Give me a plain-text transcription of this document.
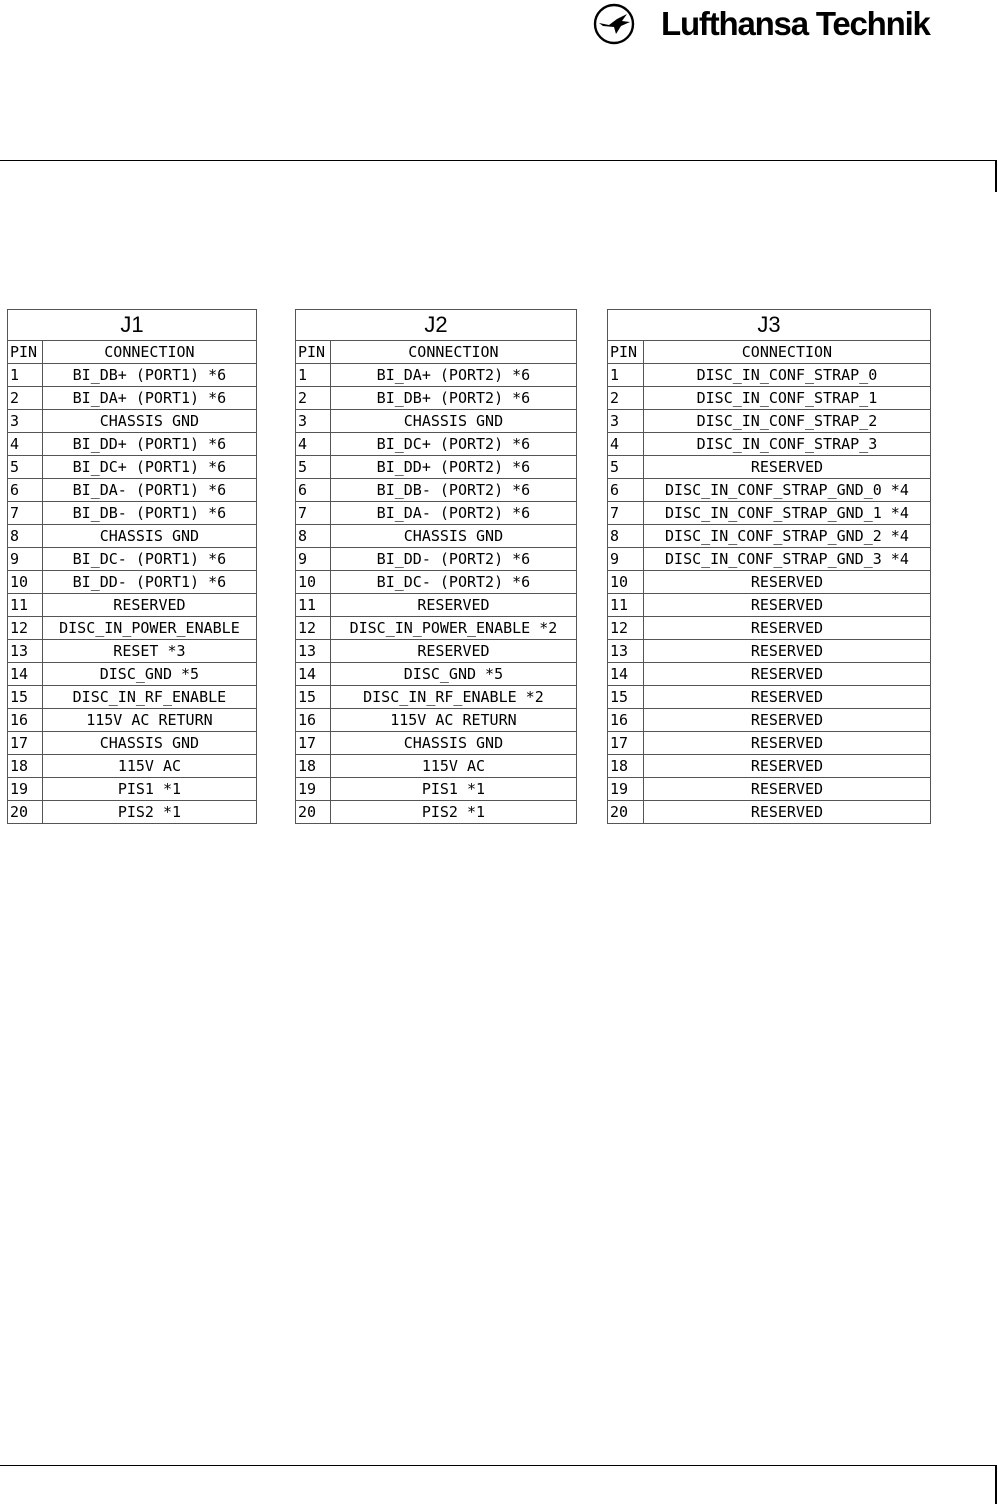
Lufthansa Technik
J1	
PIN	CONNECTION
1	BI_DB+ (PORT1) *6
2	BI_DA+ (PORT1) *6
3	CHASSIS GND
4	BI_DD+ (PORT1) *6
5	BI_DC+ (PORT1) *6
6	BI_DA- (PORT1) *6
7	BI_DB- (PORT1) *6
8	CHASSIS GND
9	BI_DC- (PORT1) *6
10	BI_DD- (PORT1) *6
11	RESERVED
12	DISC_IN_POWER_ENABLE
13	RESET *3
14	DISC_GND *5
15	DISC_IN_RF_ENABLE
16	115V AC RETURN
17	CHASSIS GND
18	115V AC
19	PIS1 *1
20	PIS2 *1
J2	
PIN	CONNECTION
1	BI_DA+ (PORT2) *6
2	BI_DB+ (PORT2) *6
3	CHASSIS GND
4	BI_DC+ (PORT2) *6
5	BI_DD+ (PORT2) *6
6	BI_DB- (PORT2) *6
7	BI_DA- (PORT2) *6
8	CHASSIS GND
9	BI_DD- (PORT2) *6
10	BI_DC- (PORT2) *6
11	RESERVED
12	DISC_IN_POWER_ENABLE *2
13	RESERVED
14	DISC_GND *5
15	DISC_IN_RF_ENABLE *2
16	115V AC RETURN
17	CHASSIS GND
18	115V AC
19	PIS1 *1
20	PIS2 *1
J3	
PIN	CONNECTION
1	DISC_IN_CONF_STRAP_0
2	DISC_IN_CONF_STRAP_1
3	DISC_IN_CONF_STRAP_2
4	DISC_IN_CONF_STRAP_3
5	RESERVED
6	DISC_IN_CONF_STRAP_GND_0 *4
7	DISC_IN_CONF_STRAP_GND_1 *4
8	DISC_IN_CONF_STRAP_GND_2 *4
9	DISC_IN_CONF_STRAP_GND_3 *4
10	RESERVED
11	RESERVED
12	RESERVED
13	RESERVED
14	RESERVED
15	RESERVED
16	RESERVED
17	RESERVED
18	RESERVED
19	RESERVED
20	RESERVED
